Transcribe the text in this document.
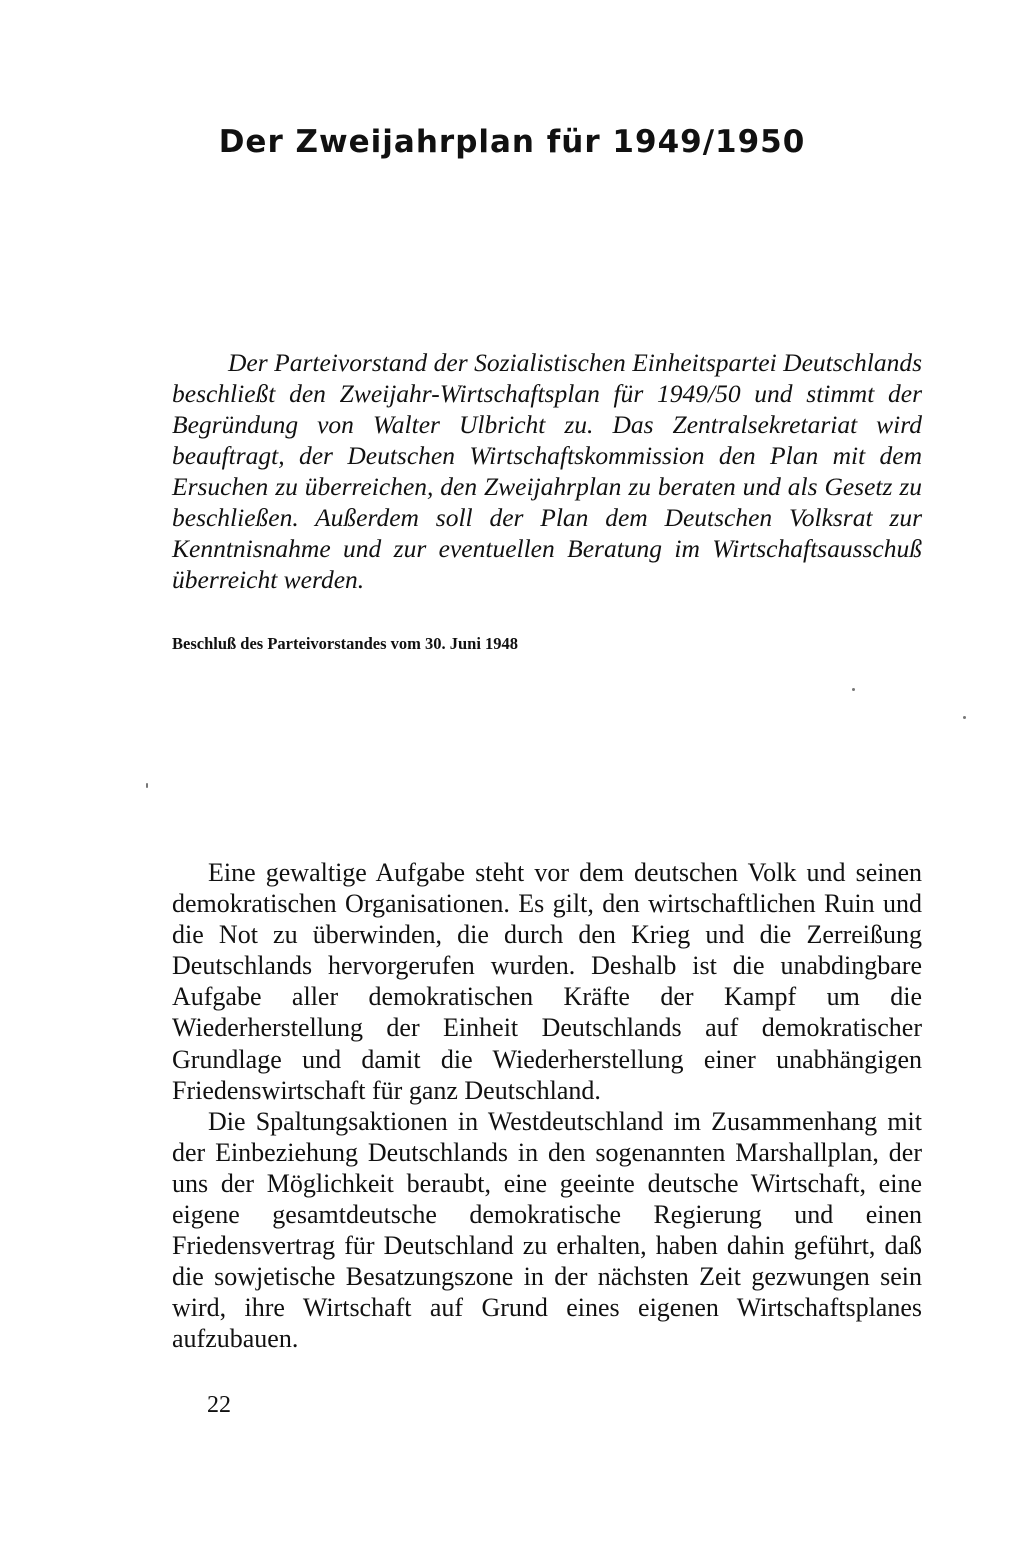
Der Zweijahrplan für 1949/1950

Der Parteivorstand der Sozialistischen Einheitspartei Deutschlands beschließt den Zweijahr-Wirtschaftsplan für 1949/50 und stimmt der Begründung von Walter Ulbricht zu. Das Zentralsekretariat wird beauftragt, der Deutschen Wirtschaftskommission den Plan mit dem Ersuchen zu überreichen, den Zweijahrplan zu beraten und als Gesetz zu beschließen. Außerdem soll der Plan dem Deutschen Volksrat zur Kenntnisnahme und zur eventuellen Beratung im Wirtschaftsausschuß überreicht werden.

Beschluß des Parteivorstandes vom 30. Juni 1948

Eine gewaltige Aufgabe steht vor dem deutschen Volk und seinen demokratischen Organisationen. Es gilt, den wirtschaftlichen Ruin und die Not zu überwinden, die durch den Krieg und die Zerreißung Deutschlands hervorgerufen wurden. Deshalb ist die unabdingbare Aufgabe aller demokratischen Kräfte der Kampf um die Wiederherstellung der Einheit Deutschlands auf demokratischer Grundlage und damit die Wiederherstellung einer unabhängigen Friedenswirtschaft für ganz Deutschland.

Die Spaltungsaktionen in Westdeutschland im Zusammenhang mit der Einbeziehung Deutschlands in den sogenannten Marshallplan, der uns der Möglichkeit beraubt, eine geeinte deutsche Wirtschaft, eine eigene gesamtdeutsche demokratische Regierung und einen Friedensvertrag für Deutschland zu erhalten, haben dahin geführt, daß die sowjetische Besatzungszone in der nächsten Zeit gezwungen sein wird, ihre Wirtschaft auf Grund eines eigenen Wirtschaftsplanes aufzubauen.

22
